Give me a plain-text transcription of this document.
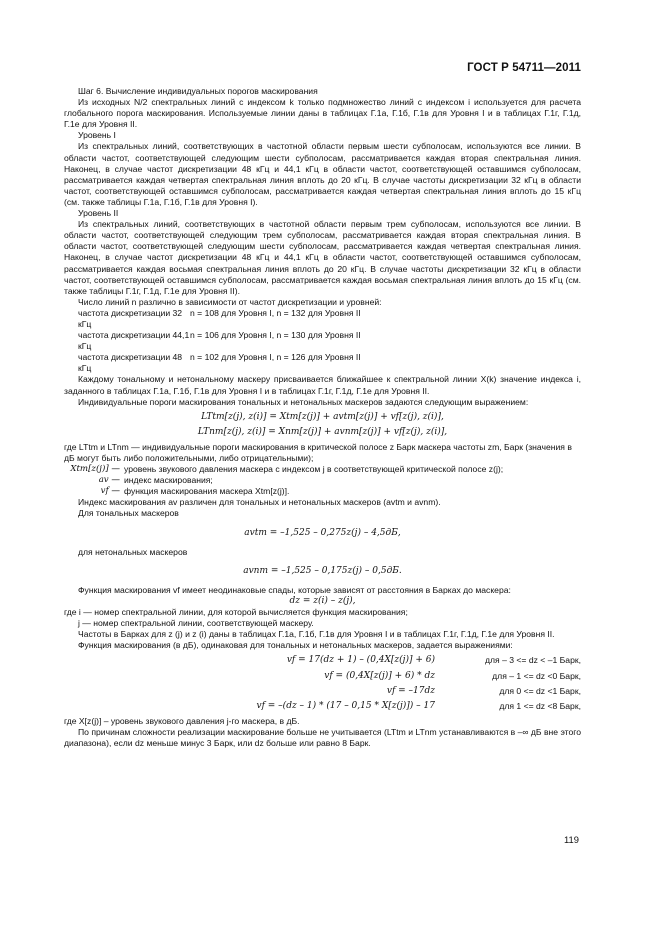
ГОСТ Р 54711—2011

Шаг 6. Вычисление индивидуальных порогов маскирования

Из исходных N/2 спектральных линий с индексом k только подмножество линий с индексом i используется для расчета глобального порога маскирования. Используемые линии даны в таблицах Г.1а, Г.1б, Г.1в для Уровня I и в таблицах Г.1г, Г.1д, Г.1е для Уровня II.

Уровень I

Из спектральных линий, соответствующих в частотной области первым шести субполосам, используются все линии. В области частот, соответствующей следующим шести субполосам, рассматривается каждая вторая спектральная линия. Наконец, в случае частот дискретизации 48 кГц и 44,1 кГц в области частот, соответствующей оставшимся субполосам, рассматривается каждая четвертая спектральная линия вплоть до 20 кГц. В случае частоты дискретизации 32 кГц в области частот, соответствующей оставшимся субполосам, рассматривается каждая четвертая спектральная линия вплоть до 15 кГц (см. также таблицы Г.1а, Г.1б, Г.1в для Уровня I).

Уровень II

Из спектральных линий, соответствующих в частотной области первым трем субполосам, используются все линии. В области частот, соответствующей следующим трем субполосам, рассматривается каждая вторая спектральная линия. В области частот, соответствующей следующим шести субполосам, рассматривается каждая четвертая спектральная линия. Наконец, в случае частот дискретизации 48 кГц и 44,1 кГц в области частот, соответствующей оставшимся субполосам, рассматривается каждая восьмая спектральная линия вплоть до 20 кГц. В случае частоты дискретизации 32 кГц в области частот, соответствующей оставшимся субполосам, рассматривается каждая восьмая спектральная линия вплоть до 15 кГц (см. также таблицы Г.1г, Г.1д, Г.1е для Уровня II).

Число линий n различно в зависимости от частот дискретизации и уровней:

частота дискретизации 32 кГц
n = 108 для Уровня I, n = 132 для Уровня II
частота дискретизации 44,1 кГц
n = 106 для Уровня I, n = 130 для Уровня II
частота дискретизации 48 кГц
n = 102 для Уровня I, n = 126 для Уровня II

Каждому тональному и нетональному маскеру присваивается ближайшее к спектральной линии X(k) значение индекса i, заданного в таблицах Г.1а, Г.1б, Г.1в для Уровня I и в таблицах Г.1г, Г.1д, Г.1е для Уровня II.

Индивидуальные пороги маскирования тональных и нетональных маскеров задаются следующим выражением:

LTtm[z(j), z(i)] = Xtm[z(j)] + avtm[z(j)] + vf[z(j), z(i)],

LTnm[z(j), z(i)] = Xnm[z(j)] + avnm[z(j)] + vf[z(j), z(i)],

где LTtm и LTnm — индивидуальные пороги маскирования в критической полосе z Барк маскера частоты zm, Барк (значения в дБ могут быть либо положительными, либо отрицательными);

Xtm[z(j)] — уровень звукового давления маскера с индексом j в соответствующей критической полосе z(j);
av — индекс маскирования;
vf — функция маскирования маскера Xtm[z(j)].

Индекс маскирования av различен для тональных и нетональных маскеров (avtm и avnm).

Для тональных маскеров

avtm = –1,525 – 0,275z(j) – 4,5дБ,

для нетональных маскеров

avnm = –1,525 – 0,175z(j) – 0,5дБ.

Функция маскирования vf имеет неодинаковые спады, которые зависят от расстояния в Барках до маскера:

dz = z(i) – z(j),

где i — номер спектральной линии, для которой вычисляется функция маскирования;

j — номер спектральной линии, соответствующей маскеру.

Частоты в Барках для z (j) и z (i) даны в таблицах Г.1а, Г.1б, Г.1в для Уровня I и в таблицах Г.1г, Г.1д, Г.1е для Уровня II.

Функция маскирования (в дБ), одинаковая для тональных и нетональных маскеров, задается выражениями:

vf = 17(dz + 1) – (0,4X[z(j)] + 6)	для – 3 <= dz < –1 Барк,
vf = (0,4X[z(j)] + 6) * dz	для – 1 <= dz <0 Барк,
vf = –17dz	для 0 <= dz <1 Барк,
vf = –(dz – 1) * (17 – 0,15 * X[z(j)]) – 17	для 1 <= dz <8 Барк,

где X[z(j)] – уровень звукового давления j-го маскера, в дБ.

По причинам сложности реализации маскирование больше не учитывается (LTtm и LTnm устанавливаются в –∞ дБ вне этого диапазона), если dz меньше минус 3 Барк, или dz больше или равно 8 Барк.

119
